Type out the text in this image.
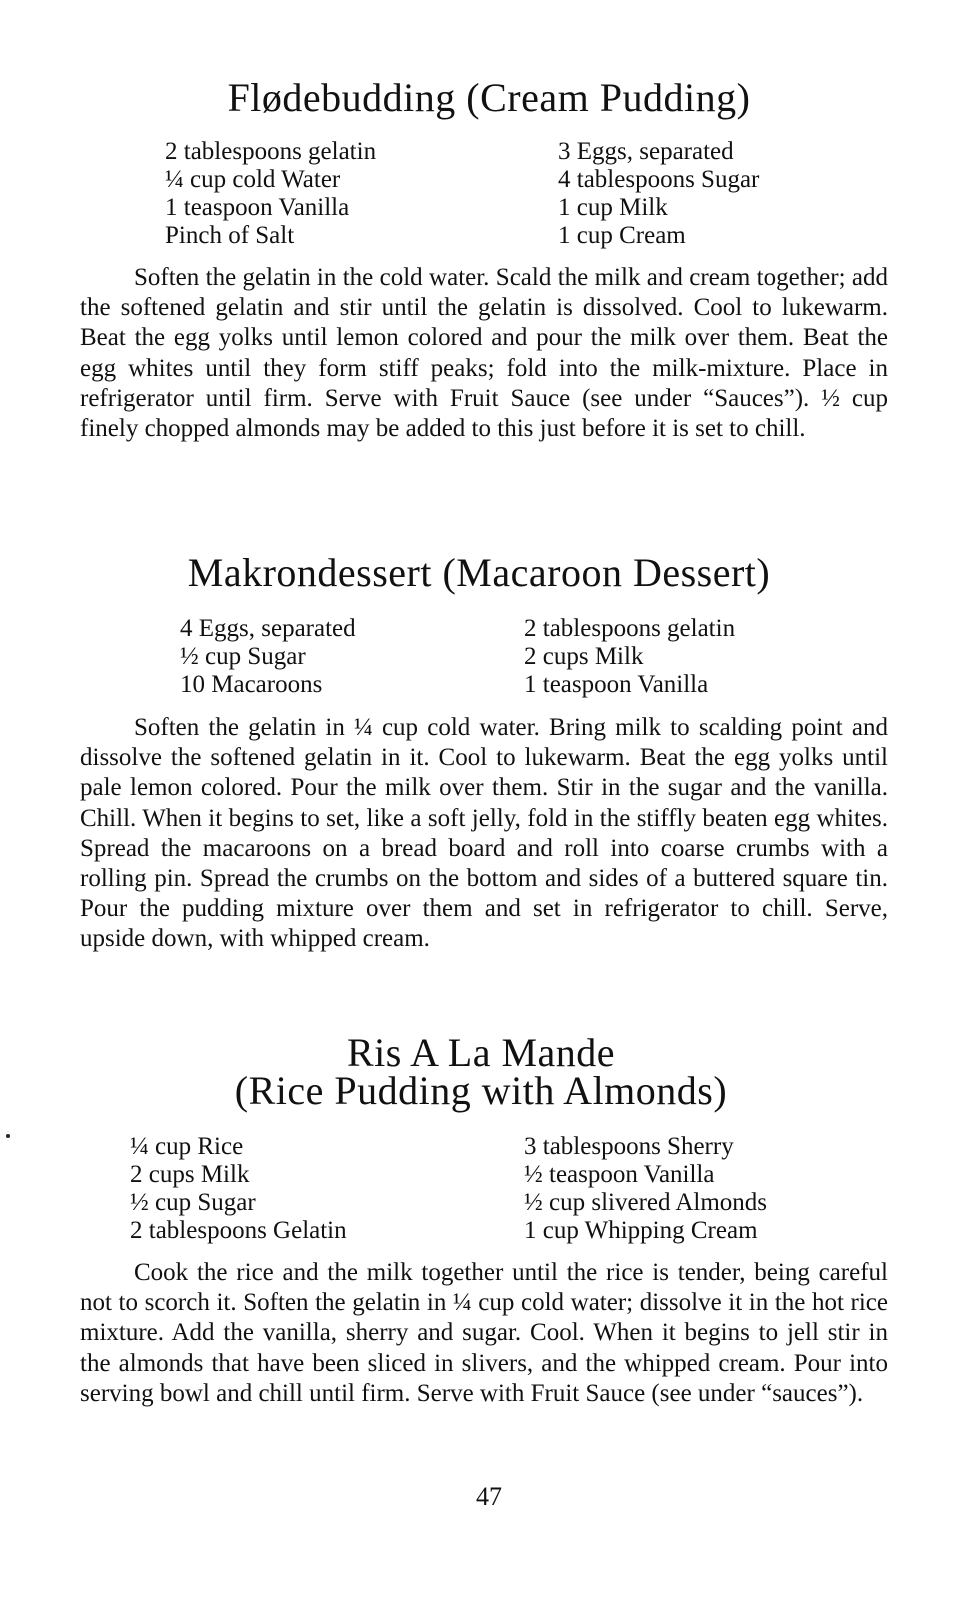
Flødebudding (Cream Pudding)
2 tablespoons gelatin
¼ cup cold Water
1 teaspoon Vanilla
Pinch of Salt
3 Eggs, separated
4 tablespoons Sugar
1 cup Milk
1 cup Cream

Soften the gelatin in the cold water. Scald the milk and cream together; add the softened gelatin and stir until the gelatin is dissolved. Cool to lukewarm. Beat the egg yolks until lemon colored and pour the milk over them. Beat the egg whites until they form stiff peaks; fold into the milk-mixture. Place in refrigerator until firm. Serve with Fruit Sauce (see under “Sauces”). ½ cup finely chopped almonds may be added to this just before it is set to chill.

Makrondessert (Macaroon Dessert)
4 Eggs, separated
½ cup Sugar
10 Macaroons
2 tablespoons gelatin
2 cups Milk
1 teaspoon Vanilla

Soften the gelatin in ¼ cup cold water. Bring milk to scalding point and dissolve the softened gelatin in it. Cool to lukewarm. Beat the egg yolks until pale lemon colored. Pour the milk over them. Stir in the sugar and the vanilla. Chill. When it begins to set, like a soft jelly, fold in the stiffly beaten egg whites. Spread the macaroons on a bread board and roll into coarse crumbs with a rolling pin. Spread the crumbs on the bottom and sides of a buttered square tin. Pour the pudding mixture over them and set in refrigerator to chill. Serve, upside down, with whipped cream.

Ris A La Mande
(Rice Pudding with Almonds)
¼ cup Rice
2 cups Milk
½ cup Sugar
2 tablespoons Gelatin
3 tablespoons Sherry
½ teaspoon Vanilla
½ cup slivered Almonds
1 cup Whipping Cream

Cook the rice and the milk together until the rice is tender, being careful not to scorch it. Soften the gelatin in ¼ cup cold water; dissolve it in the hot rice mixture. Add the vanilla, sherry and sugar. Cool. When it begins to jell stir in the almonds that have been sliced in slivers, and the whipped cream. Pour into serving bowl and chill until firm. Serve with Fruit Sauce (see under “sauces”).

47
